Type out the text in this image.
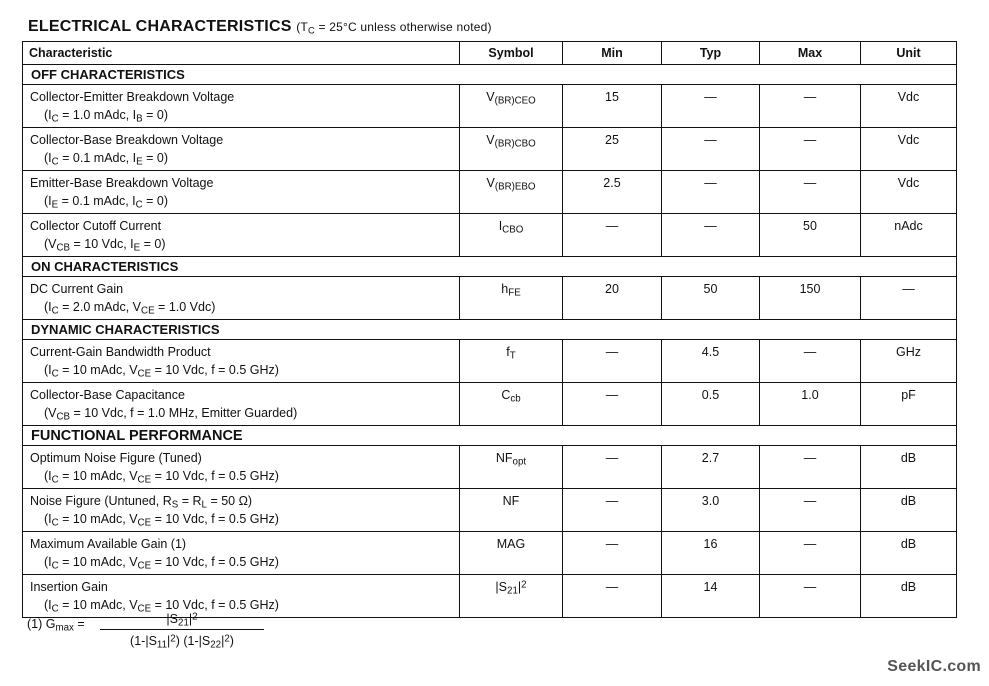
ELECTRICAL CHARACTERISTICS ($T_C = 25^\circ C$ unless otherwise noted)
Characteristic	Symbol	Min	Typ	Max	Unit
OFF CHARACTERISTICS					
Collector-Emitter Breakdown Voltage
($I_C = 1.0$ mAdc, $I_B = 0$)	$V_{(BR)CEO}$	15	—	—	Vdc
Collector-Base Breakdown Voltage
($I_C = 0.1$ mAdc, $I_E = 0$)	$V_{(BR)CBO}$	25	—	—	Vdc
Emitter-Base Breakdown Voltage
($I_E = 0.1$ mAdc, $I_C = 0$)	$V_{(BR)EBO}$	2.5	—	—	Vdc
Collector Cutoff Current
($V_{CB} = 10$ Vdc, $I_E = 0$)	$I_{CBO}$	—	—	50	nAdc
ON CHARACTERISTICS					
DC Current Gain
($I_C = 2.0$ mAdc, $V_{CE} = 1.0$ Vdc)	$h_{FE}$	20	50	150	—
DYNAMIC CHARACTERISTICS					
Current-Gain Bandwidth Product
($I_C = 10$ mAdc, $V_{CE} = 10$ Vdc, f = 0.5 GHz)	$f_T$	—	4.5	—	GHz
Collector-Base Capacitance
($V_{CB} = 10$ Vdc, f = 1.0 MHz, Emitter Guarded)	$C_{cb}$	—	0.5	1.0	pF
FUNCTIONAL PERFORMANCE					
Optimum Noise Figure (Tuned)
($I_C = 10$ mAdc, $V_{CE} = 10$ Vdc, f = 0.5 GHz)	$NF_{opt}$	—	2.7	—	dB
Noise Figure (Untuned, $R_S = R_L = 50$ Ω)
($I_C = 10$ mAdc, $V_{CE} = 10$ Vdc, f = 0.5 GHz)	NF	—	3.0	—	dB
Maximum Available Gain (1)
($I_C = 10$ mAdc, $V_{CE} = 10$ Vdc, f = 0.5 GHz)	MAG	—	16	—	dB
Insertion Gain
($I_C = 10$ mAdc, $V_{CE} = 10$ Vdc, f = 0.5 GHz)	$|S_{21}|^2$	—	14	—	dB
(1) $G_{max}$ =	$|S_{21}|^2$
$(1-|S_{11}|^2)$ $(1-|S_{22}|^2)$
SeekIC.com
